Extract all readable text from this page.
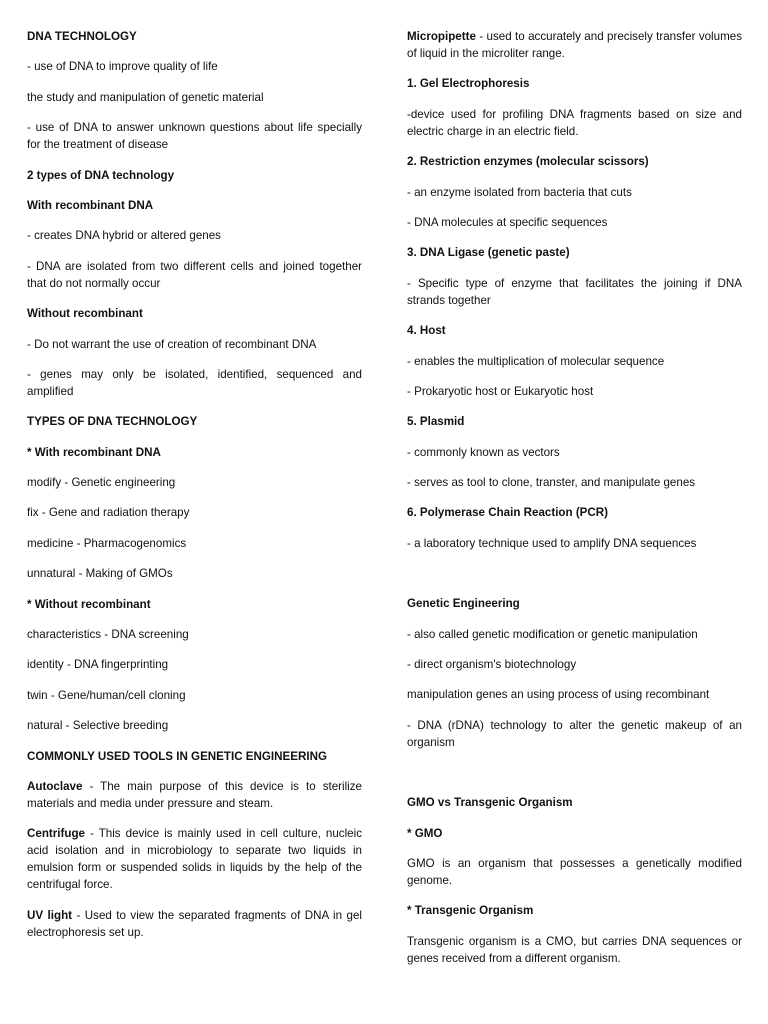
DNA TECHNOLOGY

- use of DNA to improve quality of life

the study and manipulation of genetic material

- use of DNA to answer unknown questions about life specially for the treatment of disease

2 types of DNA technology

With recombinant DNA

- creates DNA hybrid or altered genes

- DNA are isolated from two different cells and joined together that do not normally occur

Without recombinant

- Do not warrant the use of creation of recombinant DNA

- genes may only be isolated, identified, sequenced and amplified

TYPES OF DNA TECHNOLOGY

* With recombinant DNA

modify - Genetic engineering

fix - Gene and radiation therapy

medicine - Pharmacogenomics

unnatural - Making of GMOs

* Without recombinant

characteristics - DNA screening

identity - DNA fingerprinting

twin - Gene/human/cell cloning

natural - Selective breeding

COMMONLY USED TOOLS IN GENETIC ENGINEERING

Autoclave - The main purpose of this device is to sterilize materials and media under pressure and steam.

Centrifuge - This device is mainly used in cell culture, nucleic acid isolation and in microbiology to separate two liquids in emulsion form or suspended solids in liquids by the help of the centrifugal force.

UV light - Used to view the separated fragments of DNA in gel electrophoresis set up.

Micropipette - used to accurately and precisely transfer volumes of liquid in the microliter range.

1. Gel Electrophoresis

-device used for profiling DNA fragments based on size and electric charge in an electric field.

2. Restriction enzymes (molecular scissors)

- an enzyme isolated from bacteria that cuts

- DNA molecules at specific sequences

3. DNA Ligase (genetic paste)

- Specific type of enzyme that facilitates the joining if DNA strands together

4. Host

- enables the multiplication of molecular sequence

- Prokaryotic host or Eukaryotic host

5. Plasmid

- commonly known as vectors

- serves as tool to clone, transter, and manipulate genes

6. Polymerase Chain Reaction (PCR)

- a laboratory technique used to amplify DNA sequences

Genetic Engineering

- also called genetic modification or genetic manipulation

- direct organism's biotechnology

manipulation genes an using process of using recombinant

- DNA (rDNA) technology to alter the genetic makeup of an organism

GMO vs Transgenic Organism

* GMO

GMO is an organism that possesses a genetically modified genome.

* Transgenic Organism

Transgenic organism is a CMO, but carries DNA sequences or genes received from a different organism.
